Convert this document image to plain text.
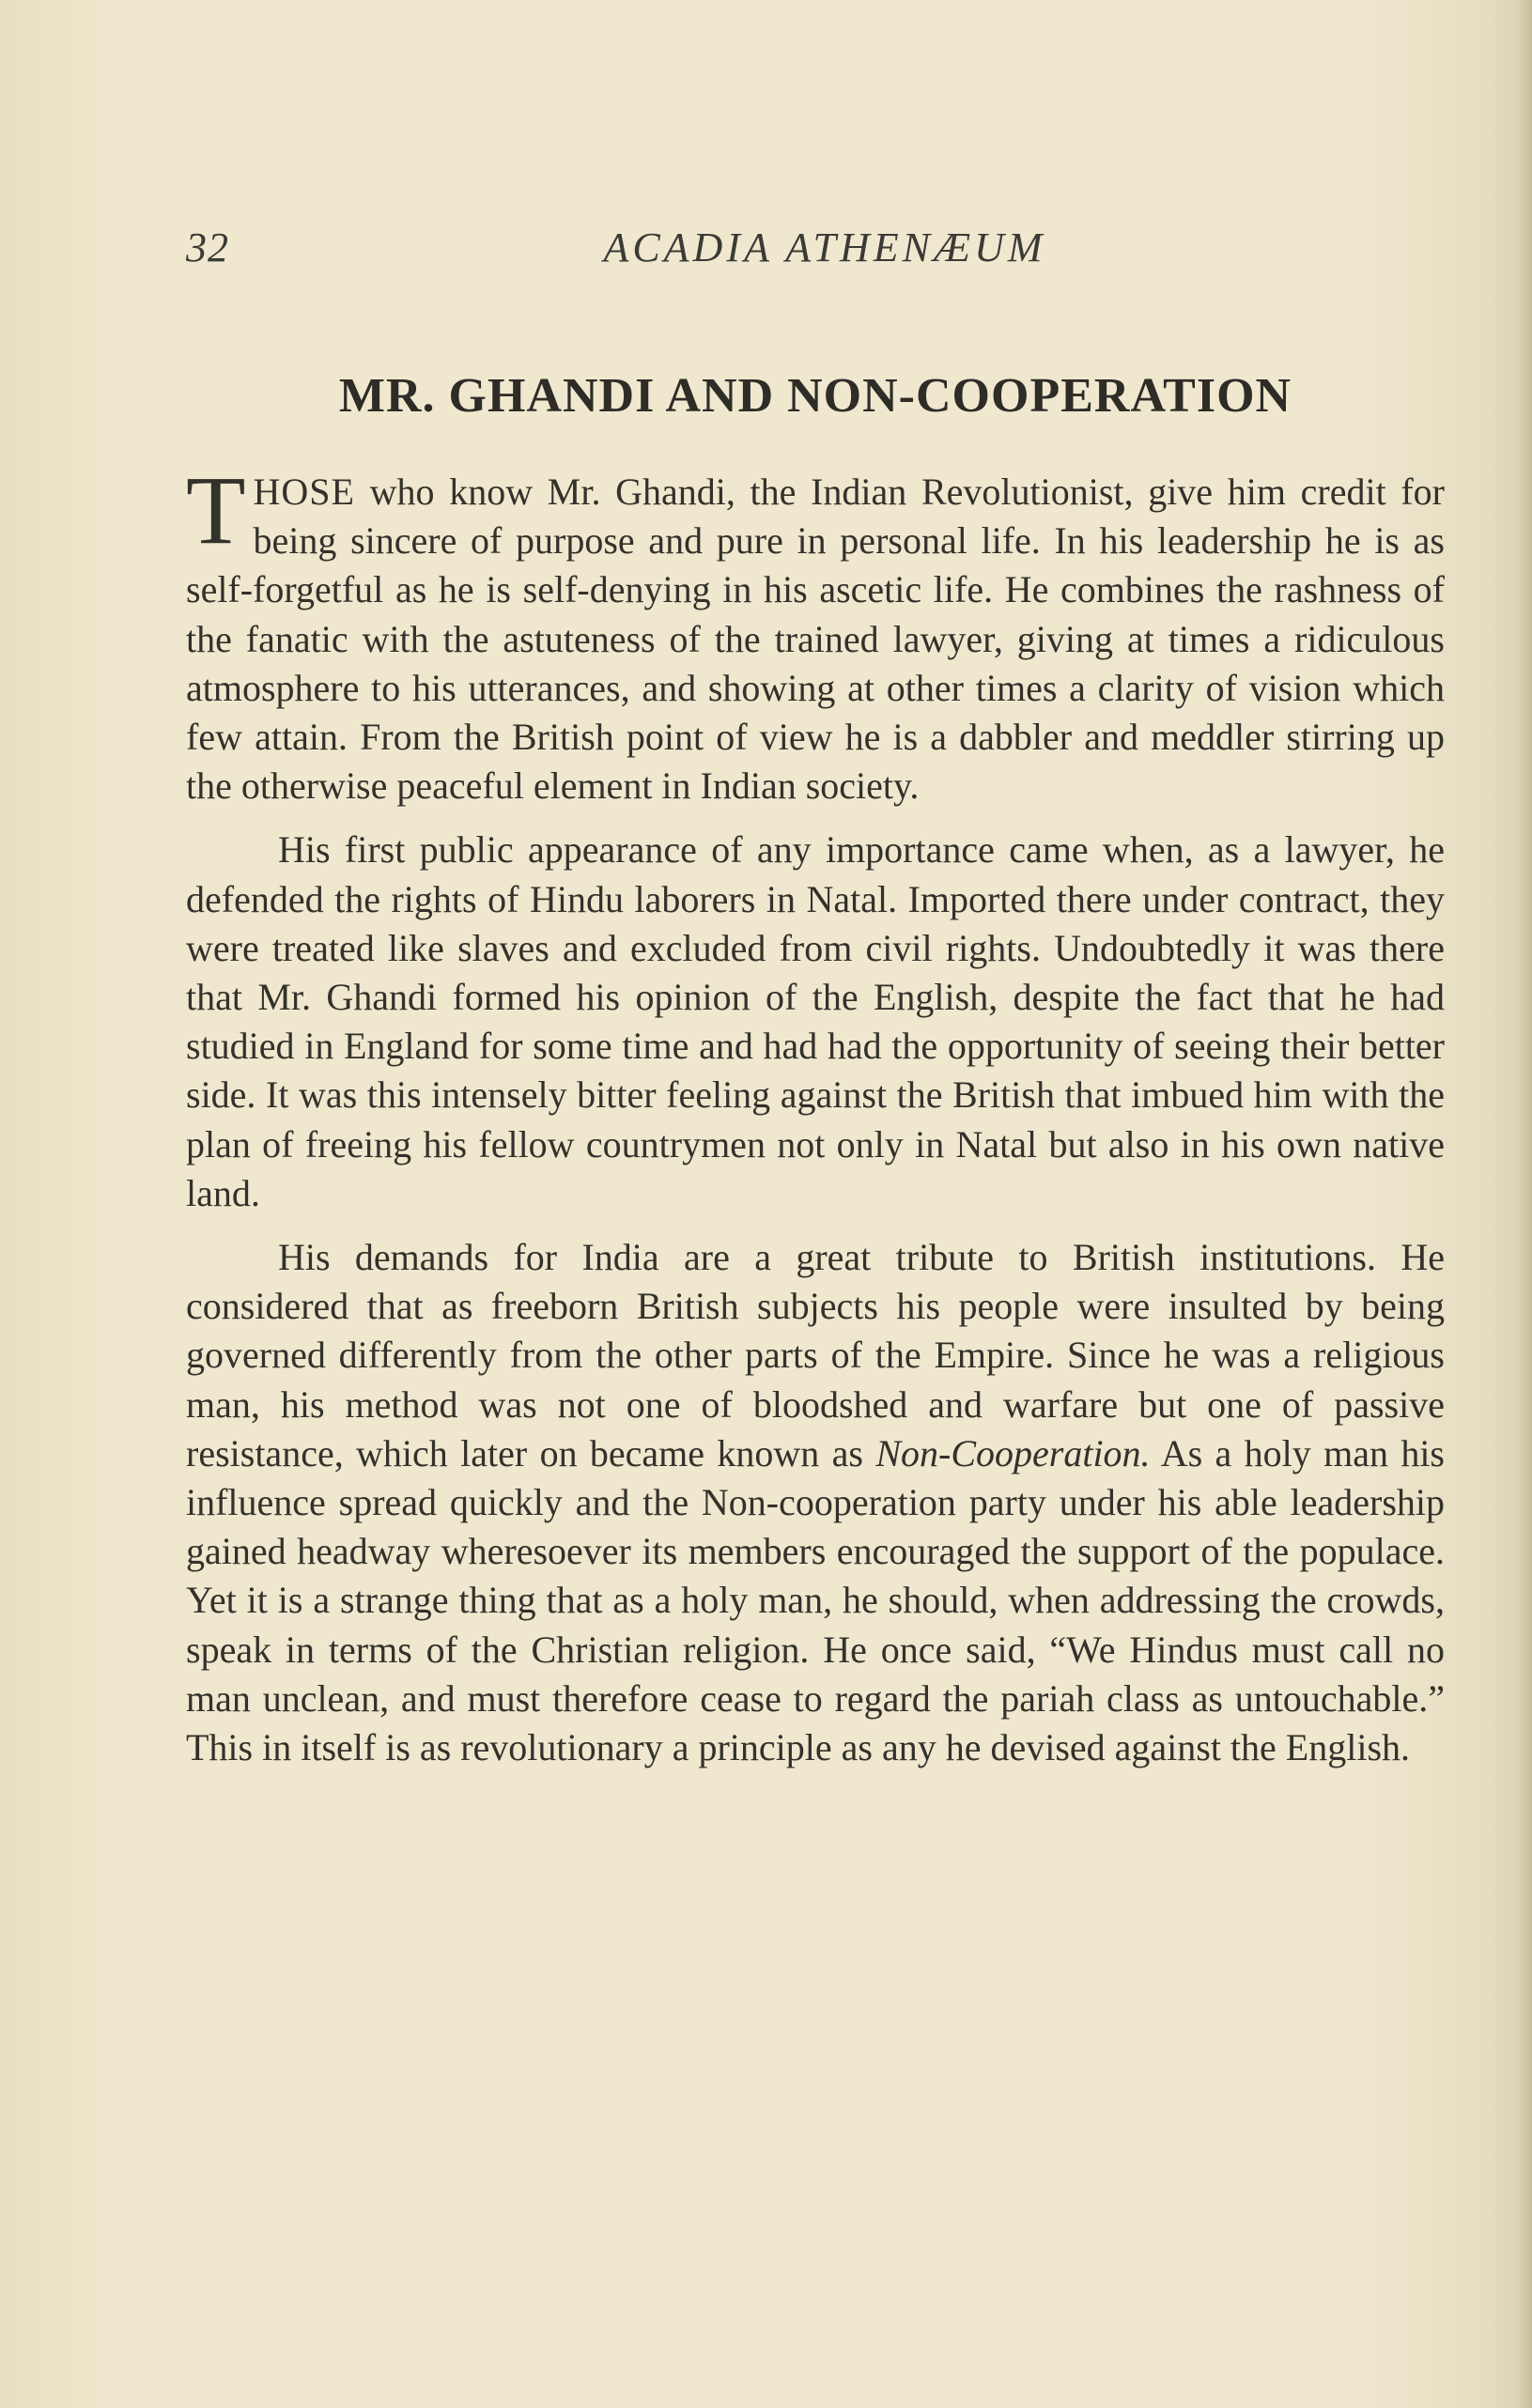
32	ACADIA ATHENÆUM
MR. GHANDI AND NON-COOPERATION

THOSE who know Mr. Ghandi, the Indian Revolutionist, give him credit for being sincere of purpose and pure in personal life. In his leadership he is as self-forgetful as he is self-denying in his ascetic life. He combines the rashness of the fanatic with the astuteness of the trained lawyer, giving at times a ridiculous atmosphere to his utterances, and showing at other times a clarity of vision which few attain. From the British point of view he is a dabbler and meddler stirring up the otherwise peaceful element in Indian society.

His first public appearance of any importance came when, as a lawyer, he defended the rights of Hindu laborers in Natal. Imported there under contract, they were treated like slaves and excluded from civil rights. Undoubtedly it was there that Mr. Ghandi formed his opinion of the English, despite the fact that he had studied in England for some time and had had the opportunity of seeing their better side. It was this intensely bitter feeling against the British that imbued him with the plan of freeing his fellow countrymen not only in Natal but also in his own native land.

His demands for India are a great tribute to British institutions. He considered that as freeborn British subjects his people were insulted by being governed differently from the other parts of the Empire. Since he was a religious man, his method was not one of bloodshed and warfare but one of passive resistance, which later on became known as Non-Cooperation. As a holy man his influence spread quickly and the Non-cooperation party under his able leadership gained headway wheresoever its members encouraged the support of the populace. Yet it is a strange thing that as a holy man, he should, when addressing the crowds, speak in terms of the Christian religion. He once said, “We Hindus must call no man unclean, and must therefore cease to regard the pariah class as untouchable.” This in itself is as revolutionary a principle as any he devised against the English.
